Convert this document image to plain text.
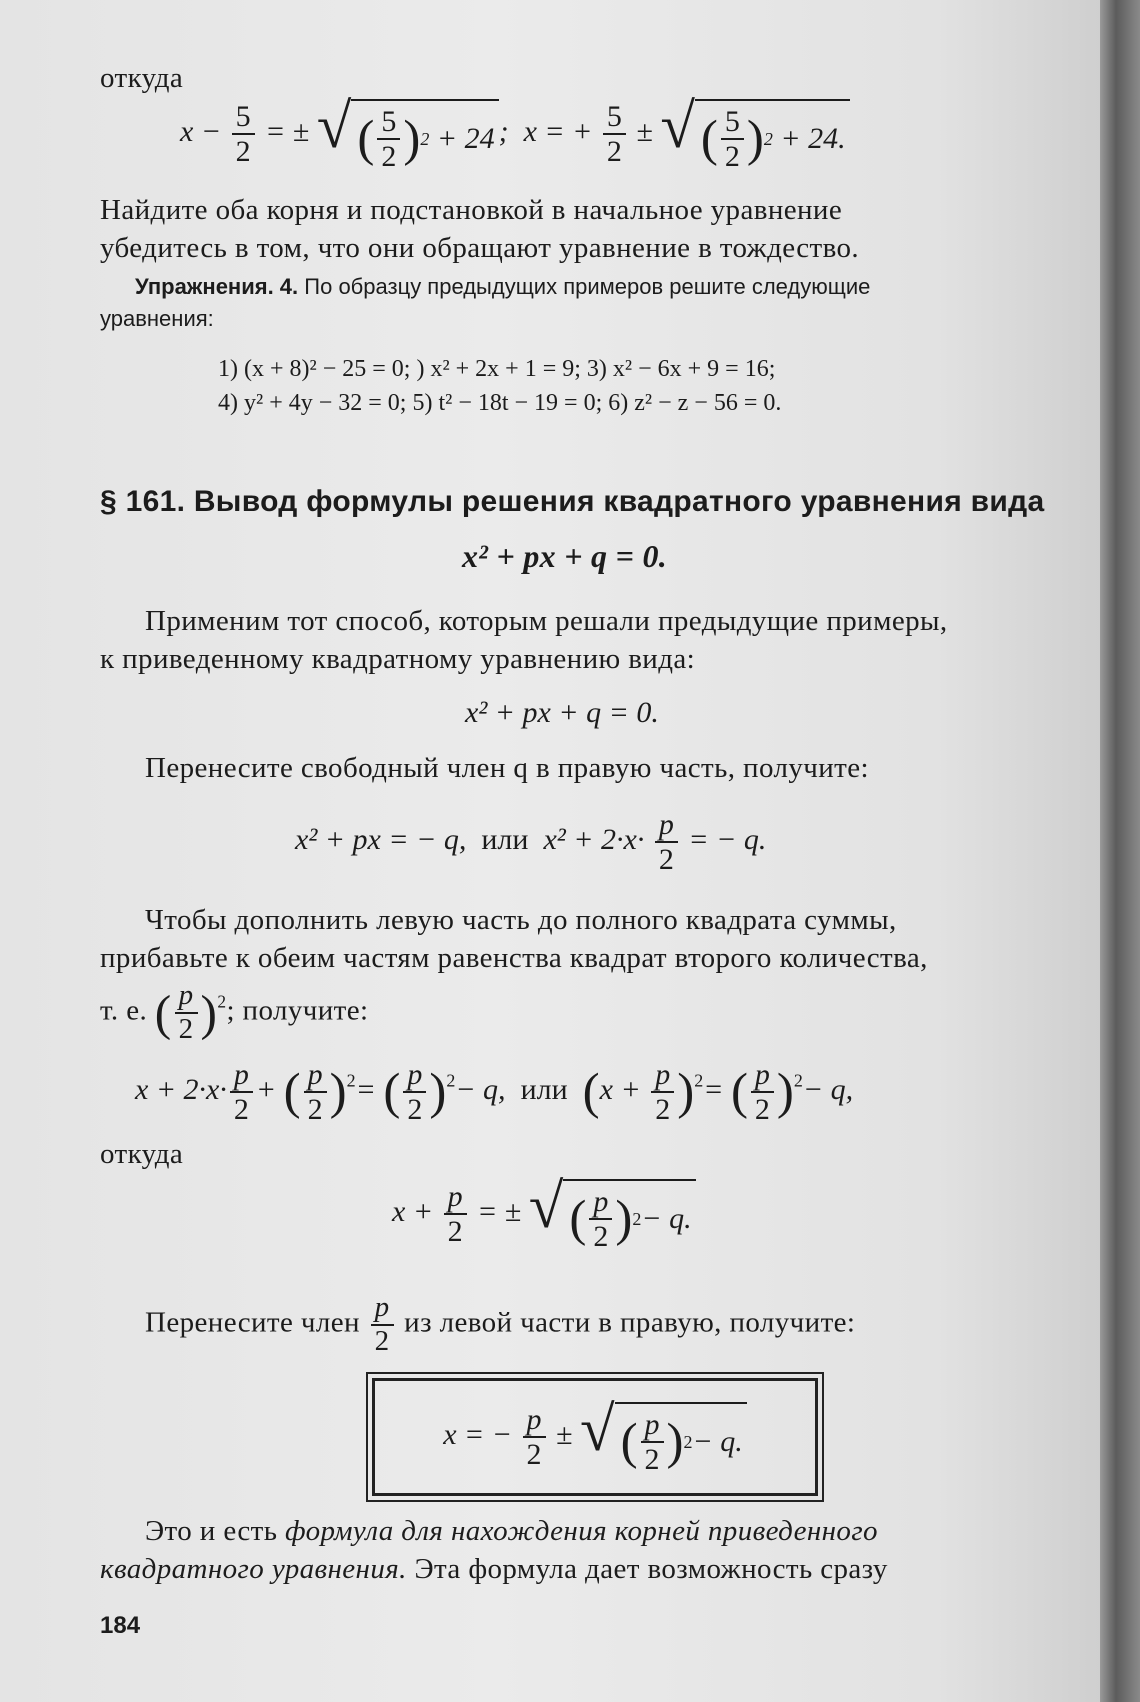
откуда
$x - \frac{5}{2}$ = ± √ ( $\frac{5}{2}$ ) 2 + 24 ;  x = + $\frac{5}{2}$ ± √ ( $\frac{5}{2}$ ) 2 + 24.
Найдите оба корня и подстановкой в начальное уравнение
убедитесь в том, что они обращают уравнение в тождество.
Упражнения. 4. По образцу предыдущих примеров решите следующие
уравнения:
1) (x + 8)² − 25 = 0; ) x² + 2x + 1 = 9; 3) x² − 6x + 9 = 16;
4) y² + 4y − 32 = 0; 5) t² − 18t − 19 = 0; 6) z² − z − 56 = 0.
§ 161. Вывод формулы решения квадратного уравнения вида
x² + px + q = 0.
Применим тот способ, которым решали предыдущие примеры,
к приведенному квадратному уравнению вида:
x² + px + q = 0.
Перенесите свободный член q в правую часть, получите:
x² + px = − q, или $x^2 + 2\cdot x\cdot \frac{p}{2}$ = − q.
Чтобы дополнить левую часть до полного квадрата суммы,
прибавьте к обеим частям равенства квадрат второго количества,
т. е. ( $\frac{p}{2} )^2$; получите:
$x + 2\cdot x\cdot \frac{p}{2}$ + ( $\frac{p}{2} )^2=$ ( $\frac{p}{2} )^2- q$,  или $(x + \frac{p}{2} )^2=$ ( $\frac{p}{2} )^2- q$,
откуда
$x + \frac{p}{2}$ = ± √ ( $\frac{p}{2}$ ) 2 − q.
Перенесите член $\frac{p}{2}$ из левой части в правую, получите:
x = − $\frac{p}{2}$ ± √ ( $\frac{p}{2}$ ) 2 − q.
Это и есть формула для нахождения корней приведенного
квадратного уравнения. Эта формула дает возможность сразу
184
